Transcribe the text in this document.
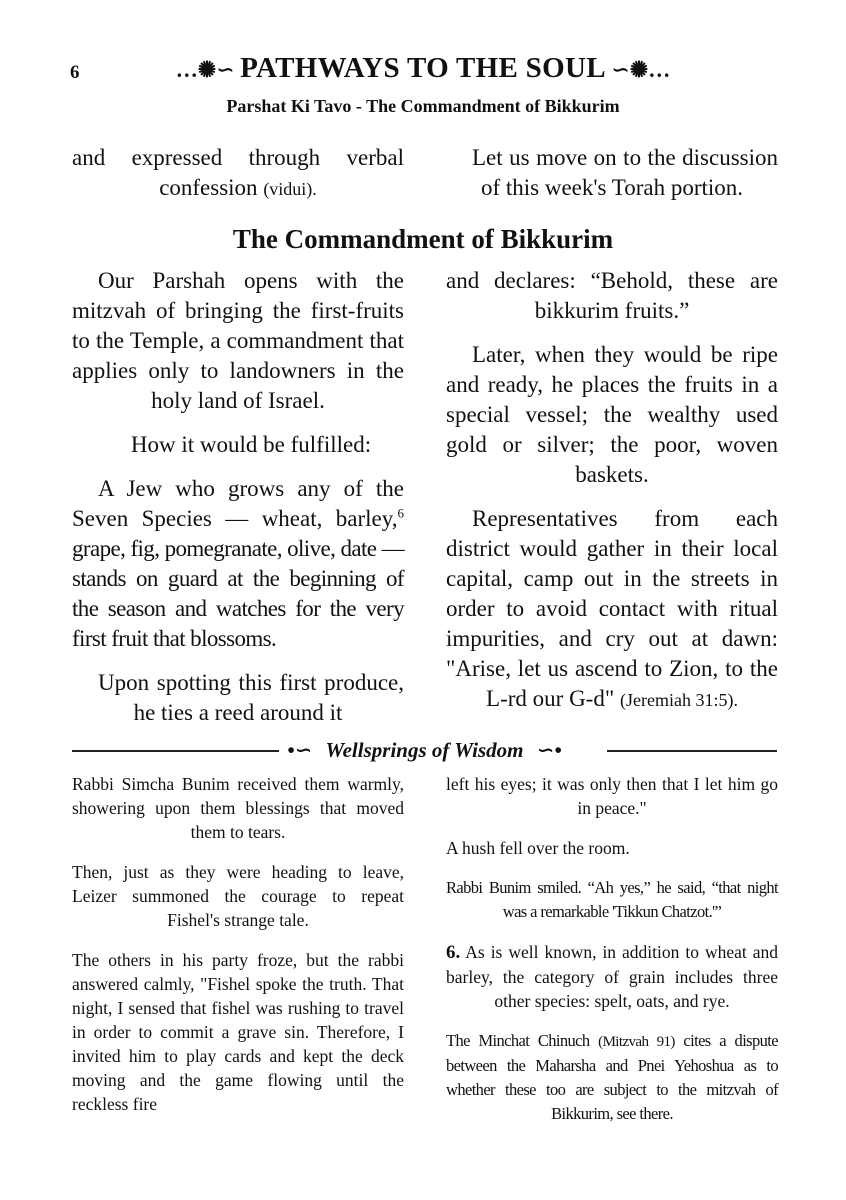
6	…✺∽ PATHWAYS TO THE SOUL ∽✺…
Parshat Ki Tavo - The Commandment of Bikkurim

and expressed through verbal confession (vidui).

Let us move on to the discussion of this week's Torah portion.

The Commandment of Bikkurim

Our Parshah opens with the mitzvah of bringing the first-fruits to the Temple, a commandment that applies only to landowners in the holy land of Israel.

How it would be fulfilled:

A Jew who grows any of the Seven Species — wheat, barley,$^6$ grape, fig, pomegranate, olive, date — stands on guard at the beginning of the season and watches for the very first fruit that blossoms.

Upon spotting this first produce, he ties a reed around it

and declares: “Behold, these are bikkurim fruits.”

Later, when they would be ripe and ready, he places the fruits in a special vessel; the wealthy used gold or silver; the poor, woven baskets.

Representatives from each district would gather in their local capital, camp out in the streets in order to avoid contact with ritual impurities, and cry out at dawn: "Arise, let us ascend to Zion, to the L-rd our G-d" (Jeremiah 31:5).

•∽ Wellsprings of Wisdom ∽•

Rabbi Simcha Bunim received them warmly, showering upon them blessings that moved them to tears.

Then, just as they were heading to leave, Leizer summoned the courage to repeat Fishel's strange tale.

The others in his party froze, but the rabbi answered calmly, "Fishel spoke the truth. That night, I sensed that fishel was rushing to travel in order to commit a grave sin. Therefore, I invited him to play cards and kept the deck moving and the game flowing until the reckless fire

left his eyes; it was only then that I let him go in peace."

A hush fell over the room.

Rabbi Bunim smiled. “Ah yes,” he said, “that night was a remarkable 'Tikkun Chatzot.'”

6. As is well known, in addition to wheat and barley, the category of grain includes three other species: spelt, oats, and rye.

The Minchat Chinuch (Mitzvah 91) cites a dispute between the Maharsha and Pnei Yehoshua as to whether these too are subject to the mitzvah of Bikkurim, see there.
